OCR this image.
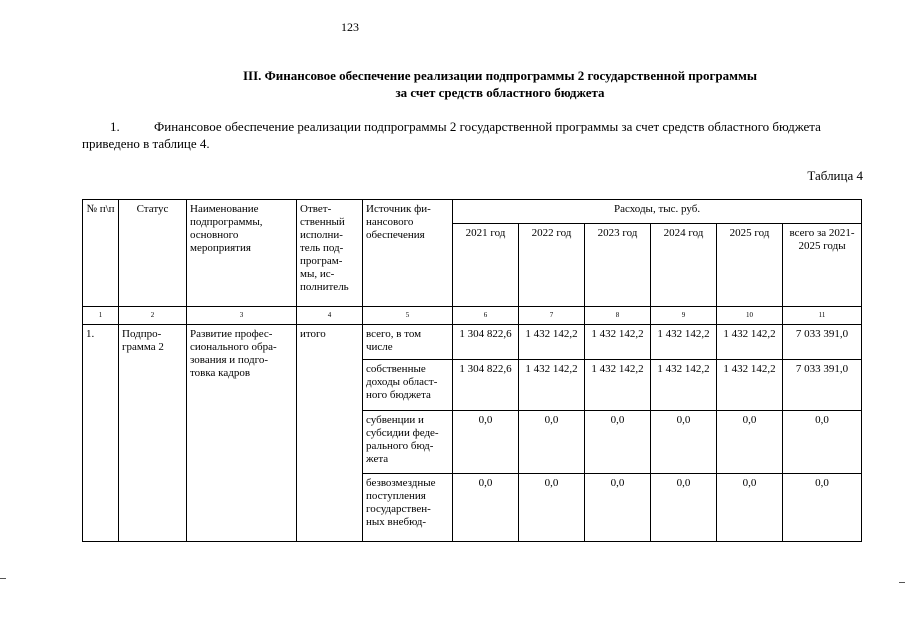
123
III. Финансовое обеспечение реализации подпрограммы 2 государственной программы
за счет средств областного бюджета
1.	Финансовое обеспечение реализации подпрограммы 2 государственной программы за счет средств областного бюджета приведено в таблице 4.
Таблица 4
№ п\п	Статус	Наименование подпрограммы, основного мероприятия	Ответ-ственный исполни-тель под-програм-мы, ис-полнитель	Источник фи-нансового обеспечения	Расходы, тыс. руб.					
					2021 год	2022 год	2023 год	2024 год	2025 год	всего за 2021-2025 годы
1	2	3	4	5	6	7	8	9	10	11
1.	Подпро-грамма 2	Развитие профес-сионального обра-зования и подго-товка кадров	итого	всего, в том числе	1 304 822,6	1 432 142,2	1 432 142,2	1 432 142,2	1 432 142,2	7 033 391,0
				собственные доходы област-ного бюджета	1 304 822,6	1 432 142,2	1 432 142,2	1 432 142,2	1 432 142,2	7 033 391,0
				субвенции и субсидии феде-рального бюд-жета	0,0	0,0	0,0	0,0	0,0	0,0
				безвозмездные поступления государствен-ных внебюд-	0,0	0,0	0,0	0,0	0,0	0,0
